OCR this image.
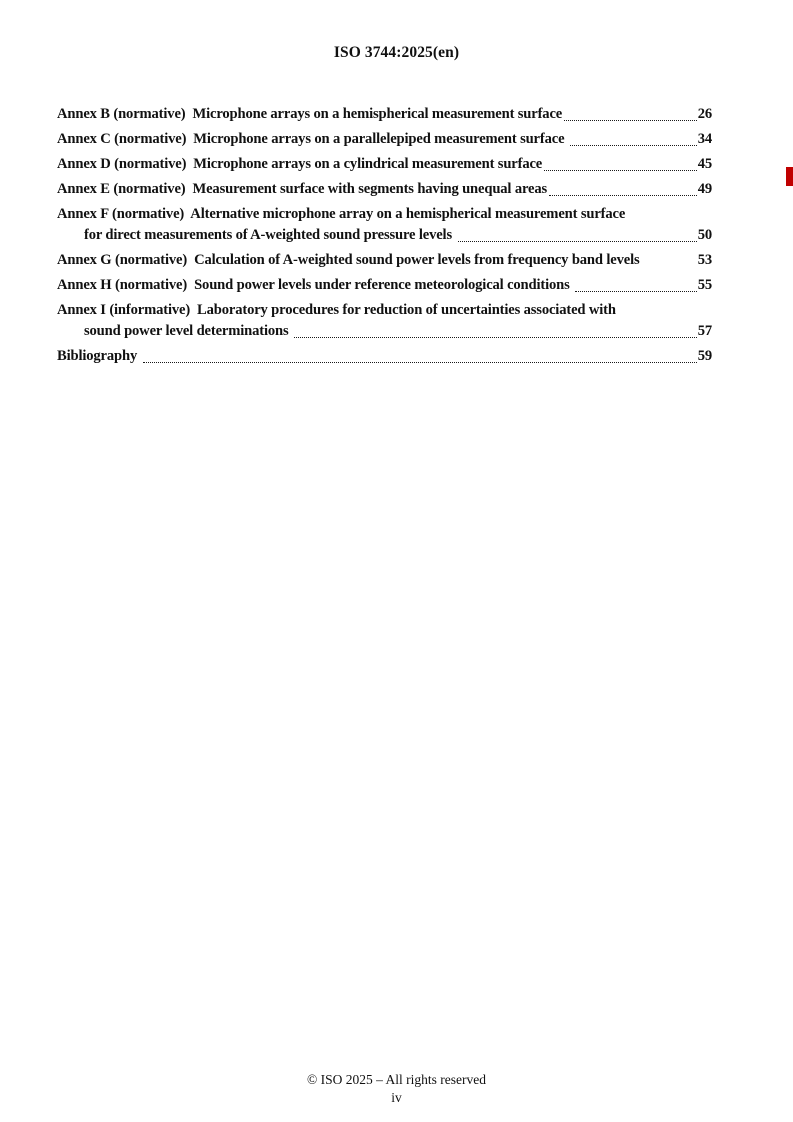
ISO 3744:2025(en)
Annex B (normative)  Microphone arrays on a hemispherical measurement surface	26
Annex C (normative)  Microphone arrays on a parallelepiped measurement surface	34
Annex D (normative)  Microphone arrays on a cylindrical measurement surface	45
Annex E (normative)  Measurement surface with segments having unequal areas	49
Annex F (normative)  Alternative microphone array on a hemispherical measurement surface
for direct measurements of A-weighted sound pressure levels	50
Annex G (normative)  Calculation of A-weighted sound power levels from frequency band levels	53
Annex H (normative)  Sound power levels under reference meteorological conditions	55
Annex I (informative)  Laboratory procedures for reduction of uncertainties associated with
sound power level determinations	57
Bibliography	59
© ISO 2025 – All rights reserved
iv
